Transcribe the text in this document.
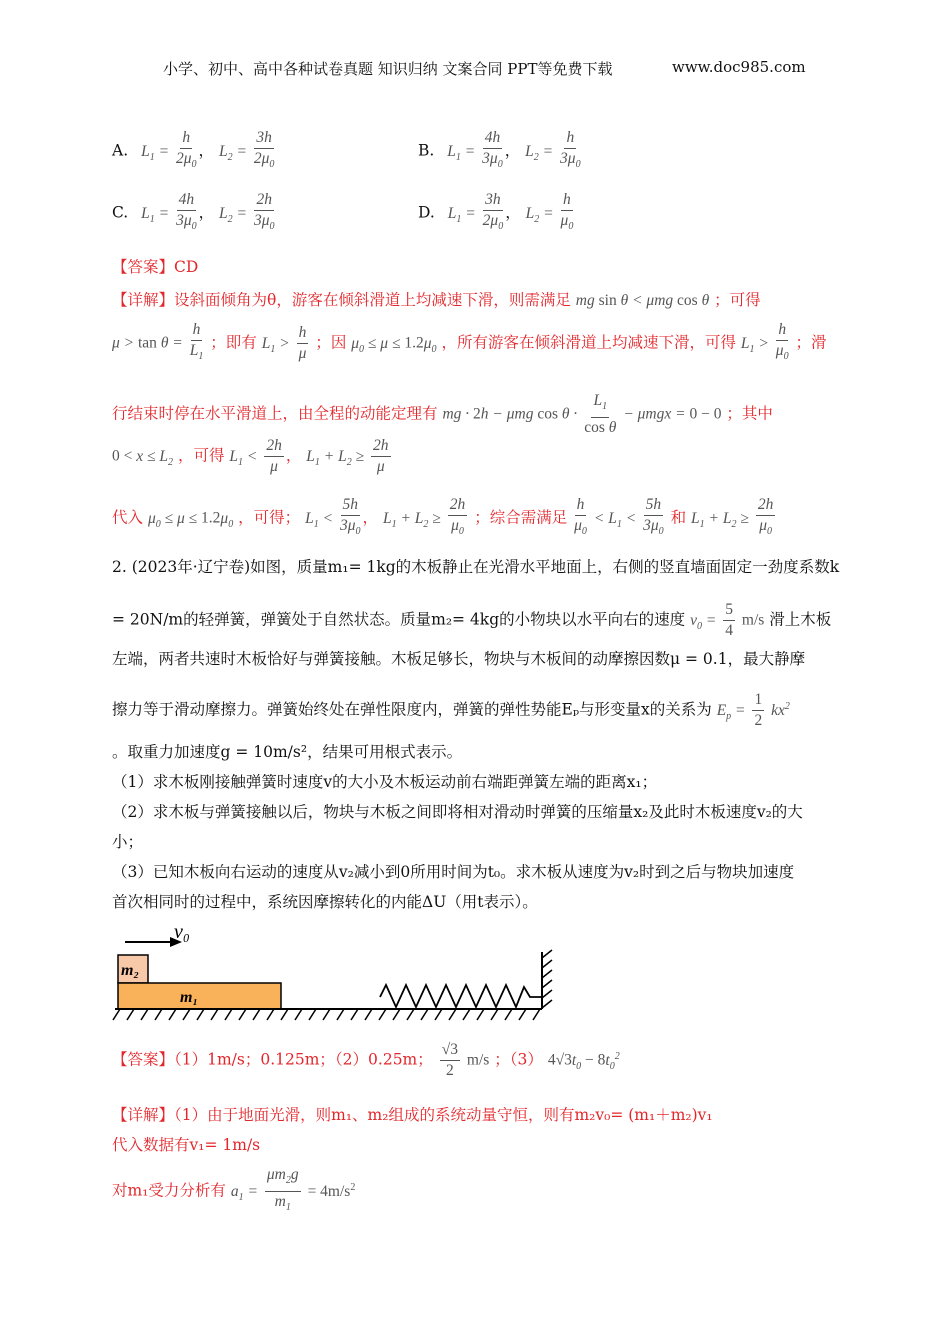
小学、初中、高中各种试卷真题 知识归纳 文案合同 PPT等免费下载	www.doc985.com
A. $L_1 = \frac{h}{2\mu_0}$ ， $L_2 = \frac{3h}{2\mu_0}$	B. $L_1 = \frac{4h}{3\mu_0}$ ， $L_2 = \frac{h}{3\mu_0}$
C. $L_1 = \frac{4h}{3\mu_0}$ ， $L_2 = \frac{2h}{3\mu_0}$	D. $L_1 = \frac{3h}{2\mu_0}$ ， $L_2 = \frac{h}{\mu_0}$
【答案】CD
【详解】设斜面倾角为θ，游客在倾斜滑道上均减速下滑，则需满足 mg sin θ < μmg cos θ ；可得
$\mu > \tan \theta = \frac{h}{L_1}$ ；即有 $L_1 > \frac{h}{\mu}$ ；因 $\mu_0 \le \mu \le 1.2\mu_0$ ，所有游客在倾斜滑道上均减速下滑，可得 $L_1 > \frac{h}{\mu_0}$ ；滑
行结束时停在水平滑道上，由全程的动能定理有 mg · 2h − μmg $\cos \theta \cdot \frac{L_1}{\text{cos θ}} - \mu mgx = 0 - 0$ ；其中
$0 < x \le L_2$ ，可得 $L_1 < \frac{2h}{\mu}$ ， $L_1 + L_2 \ge \frac{2h}{\mu}$
代入 $\mu_0 \le \mu \le 1.2\mu_0$ ，可得； $L_1 < \frac{5h}{3\mu_0}$ ， $L_1 + L_2 \ge \frac{2h}{\mu_0}$ ；综合需满足 $\frac{h}{\mu_0} < L_1 < \frac{5h}{3\mu_0}$ 和 $L_1 + L_2 \ge \frac{2h}{\mu_0}$
2. (2023年·辽宁卷)如图，质量m₁= 1kg的木板静止在光滑水平地面上，右侧的竖直墙面固定一劲度系数k
= 20N/m的轻弹簧，弹簧处于自然状态。质量m₂= 4kg的小物块以水平向右的速度 $v_0 = \frac{5}{4} m/s$ 滑上木板
左端，两者共速时木板恰好与弹簧接触。木板足够长，物块与木板间的动摩擦因数μ = 0.1，最大静摩
擦力等于滑动摩擦力。弹簧始终处在弹性限度内，弹簧的弹性势能Eₚ与形变量x的关系为 $E_p = \frac{1}{2} kx^2$
。取重力加速度g = 10m/s²，结果可用根式表示。
（1）求木板刚接触弹簧时速度v的大小及木板运动前右端距弹簧左端的距离x₁；
（2）求木板与弹簧接触以后，物块与木板之间即将相对滑动时弹簧的压缩量x₂及此时木板速度v₂的大
小；
（3）已知木板向右运动的速度从v₂减小到0所用时间为t₀。求木板从速度为v₂时到之后与物块加速度
首次相同时的过程中，系统因摩擦转化的内能ΔU（用t表示）。
v₀
m₂
m₁
【答案】（1）1m/s；0.125m；（2）0.25m； $\frac{√3}{2} m/s$ ；（3） $4√3t_0 - 8t_0^2$
【详解】（1）由于地面光滑，则m₁、m₂组成的系统动量守恒，则有m₂v₀= (m₁＋m₂)v₁
代入数据有v₁= 1m/s
对m₁受力分析有 $a_1 = \frac{\mu m_2g}{m_1} = 4m/s^2$
